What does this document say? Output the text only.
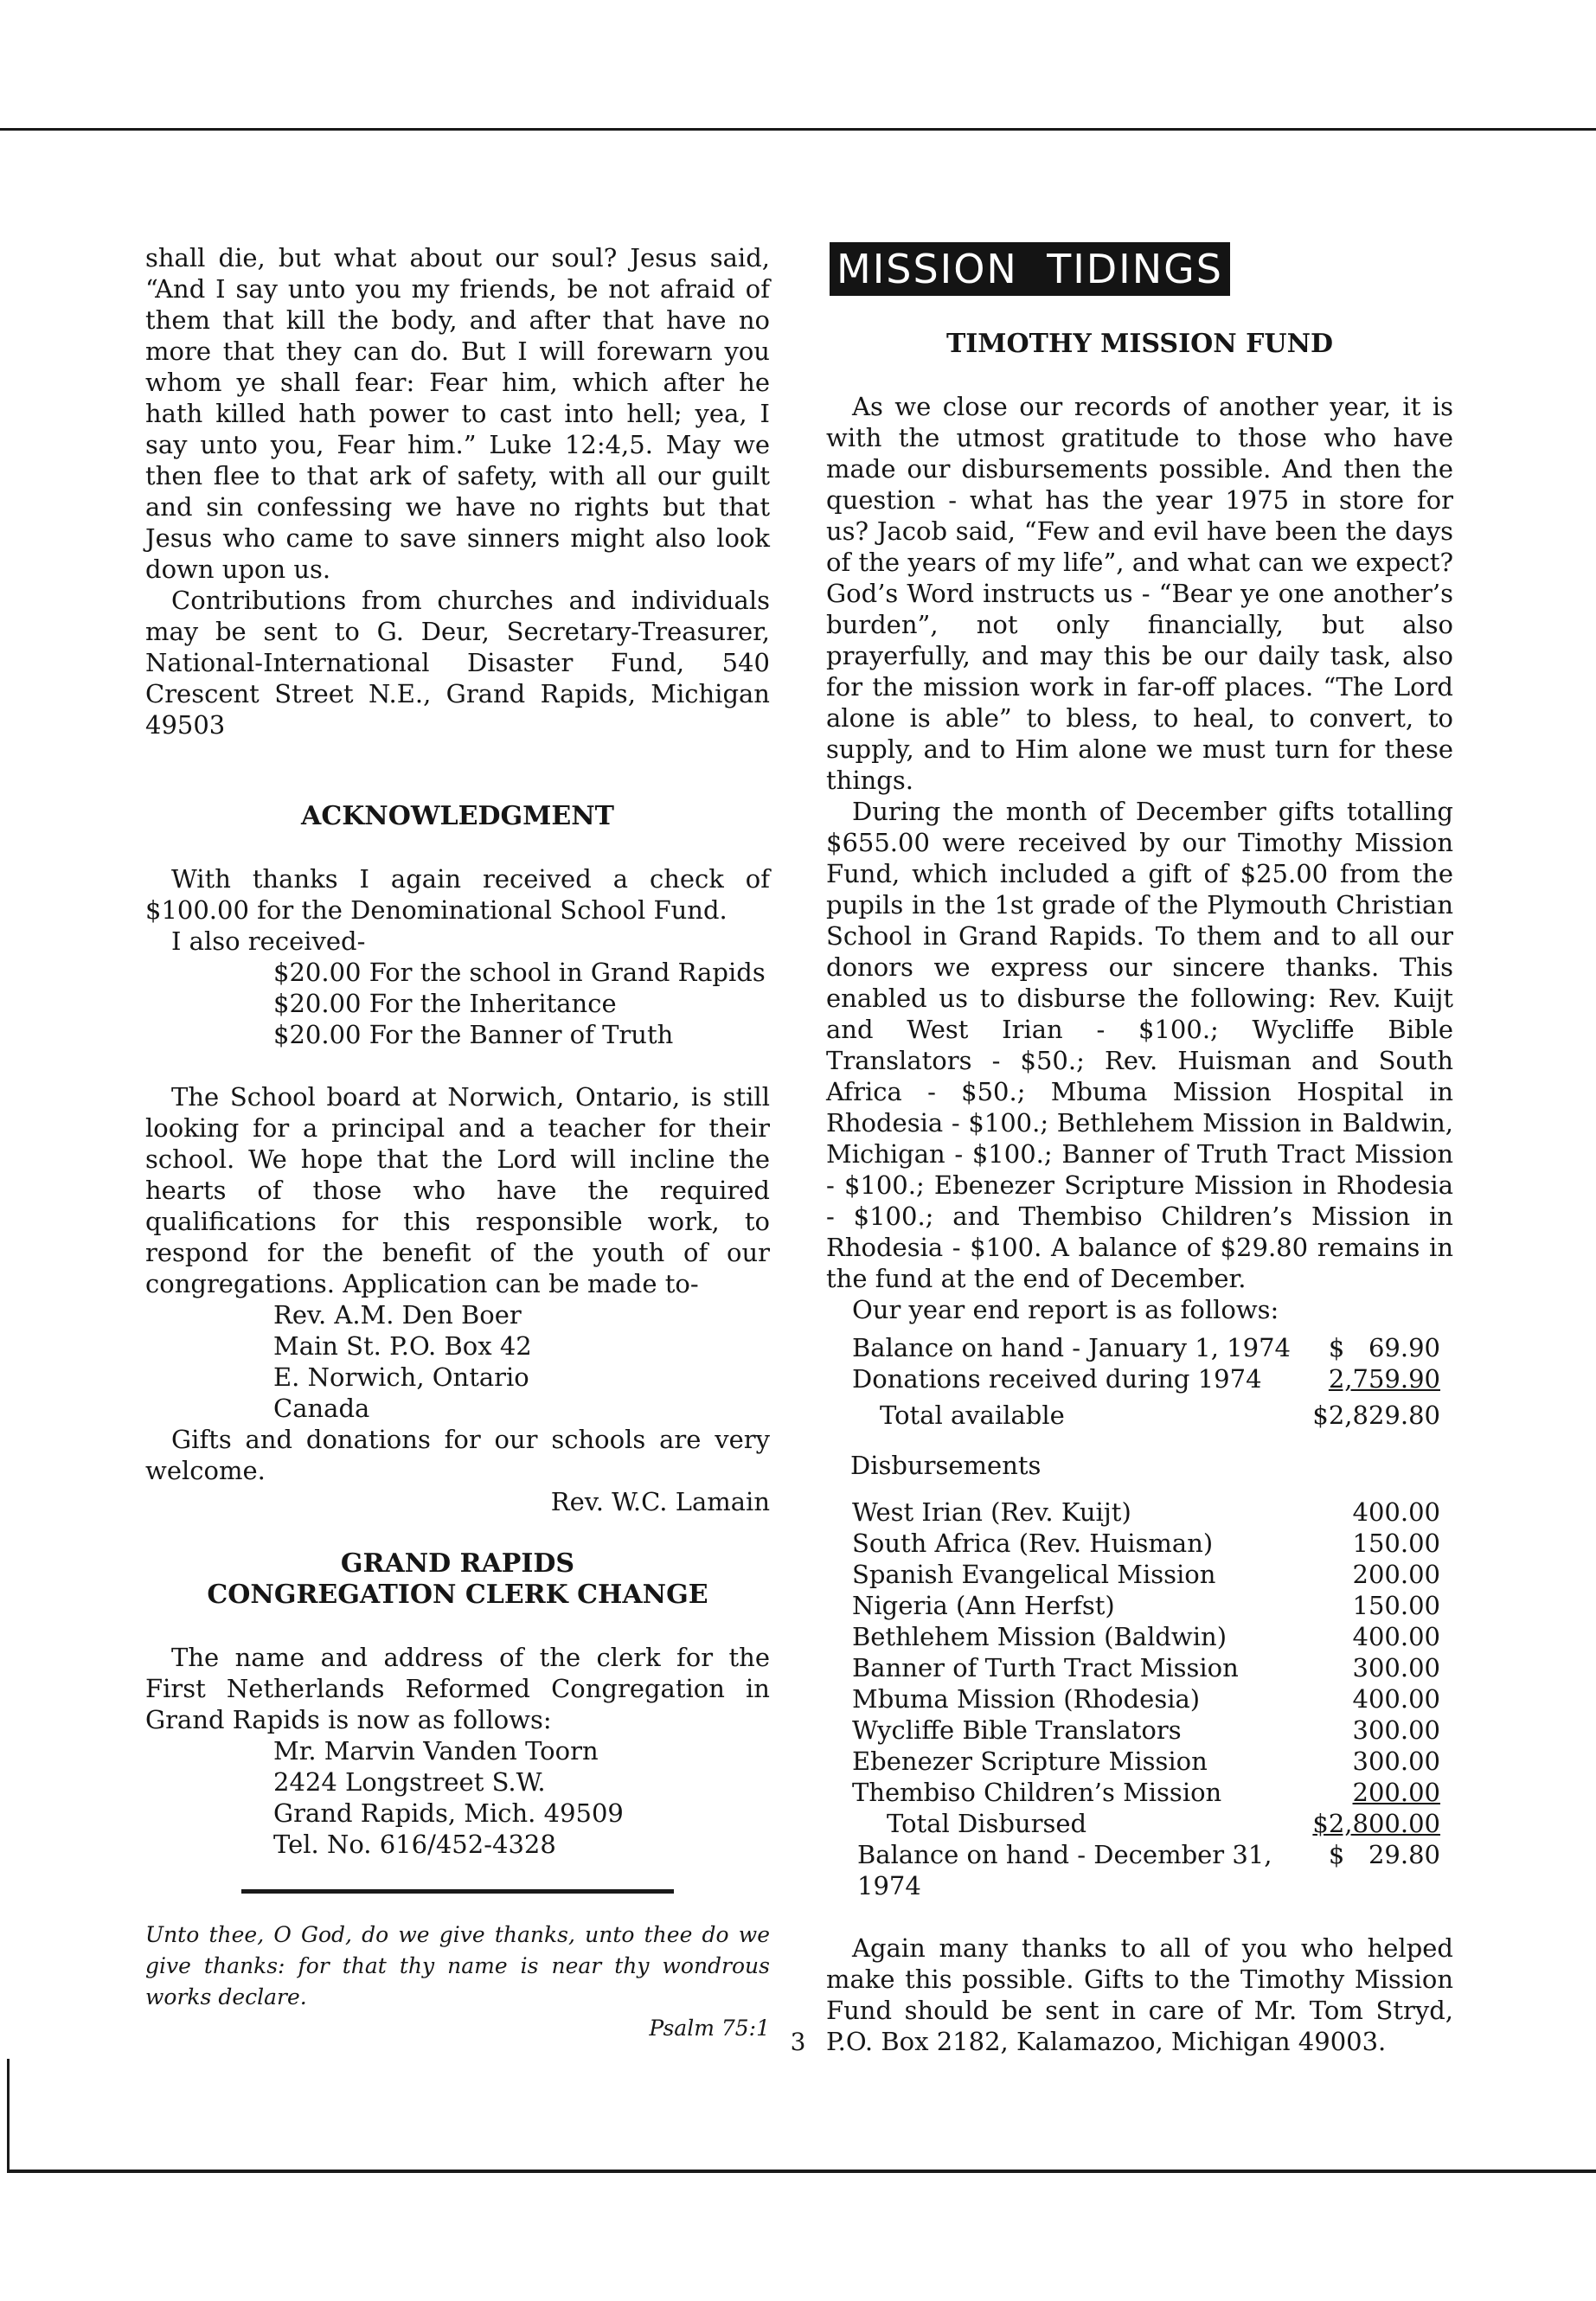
shall die, but what about our soul? Jesus said, “And I say unto you my friends, be not afraid of them that kill the body, and after that have no more that they can do. But I will forewarn you whom ye shall fear: Fear him, which after he hath killed hath power to cast into hell; yea, I say unto you, Fear him.” Luke 12:4,5. May we then flee to that ark of safety, with all our guilt and sin confessing we have no rights but that Jesus who came to save sinners might also look down upon us.

Contributions from churches and individuals may be sent to G. Deur, Secretary-Treasurer, National-International Disaster Fund, 540 Crescent Street N.E., Grand Rapids, Michigan 49503

ACKNOWLEDGMENT

With thanks I again received a check of $100.00 for the Denominational School Fund.

I also received-

$20.00 For the school in Grand Rapids

$20.00 For the Inheritance

$20.00 For the Banner of Truth

The School board at Norwich, Ontario, is still looking for a principal and a teacher for their school. We hope that the Lord will incline the hearts of those who have the required qualifications for this responsible work, to respond for the benefit of the youth of our congregations. Application can be made to-

Rev. A.M. Den Boer

Main St. P.O. Box 42

E. Norwich, Ontario

Canada

Gifts and donations for our schools are very welcome.

Rev. W.C. Lamain

GRAND RAPIDS

CONGREGATION CLERK CHANGE

The name and address of the clerk for the First Netherlands Reformed Congregation in Grand Rapids is now as follows:

Mr. Marvin Vanden Toorn

2424 Longstreet S.W.

Grand Rapids, Mich. 49509

Tel. No. 616/452-4328

Unto thee, O God, do we give thanks, unto thee do we give thanks: for that thy name is near thy wondrous works declare.

Psalm 75:1

MISSION TIDINGS

TIMOTHY MISSION FUND

As we close our records of another year, it is with the utmost gratitude to those who have made our disbursements possible. And then the question - what has the year 1975 in store for us? Jacob said, “Few and evil have been the days of the years of my life”, and what can we expect? God’s Word instructs us - “Bear ye one another’s burden”, not only financially, but also prayerfully, and may this be our daily task, also for the mission work in far-off places. “The Lord alone is able” to bless, to heal, to convert, to supply, and to Him alone we must turn for these things.

During the month of December gifts totalling $655.00 were received by our Timothy Mission Fund, which included a gift of $25.00 from the pupils in the 1st grade of the Plymouth Christian School in Grand Rapids. To them and to all our donors we express our sincere thanks. This enabled us to disburse the following: Rev. Kuijt and West Irian - $100.; Wycliffe Bible Translators - $50.; Rev. Huisman and South Africa - $50.; Mbuma Mission Hospital in Rhodesia - $100.; Bethlehem Mission in Baldwin, Michigan - $100.; Banner of Truth Tract Mission - $100.; Ebenezer Scripture Mission in Rhodesia - $100.; and Thembiso Children’s Mission in Rhodesia - $100. A balance of $29.80 remains in the fund at the end of December.

Our year end report is as follows:

Balance on hand - January 1, 1974	$   69.90
Donations received during 1974	2,759.90
Total available	$2,829.80

Disbursements

West Irian (Rev. Kuijt)	400.00
South Africa (Rev. Huisman)	150.00
Spanish Evangelical Mission	200.00
Nigeria (Ann Herfst)	150.00
Bethlehem Mission (Baldwin)	400.00
Banner of Turth Tract Mission	300.00
Mbuma Mission (Rhodesia)	400.00
Wycliffe Bible Translators	300.00
Ebenezer Scripture Mission	300.00
Thembiso Children’s Mission	200.00
Total Disbursed	$2,800.00
Balance on hand - December 31, 1974	$   29.80

Again many thanks to all of you who helped make this possible. Gifts to the Timothy Mission Fund should be sent in care of Mr. Tom Stryd, P.O. Box 2182, Kalamazoo, Michigan 49003.

3
